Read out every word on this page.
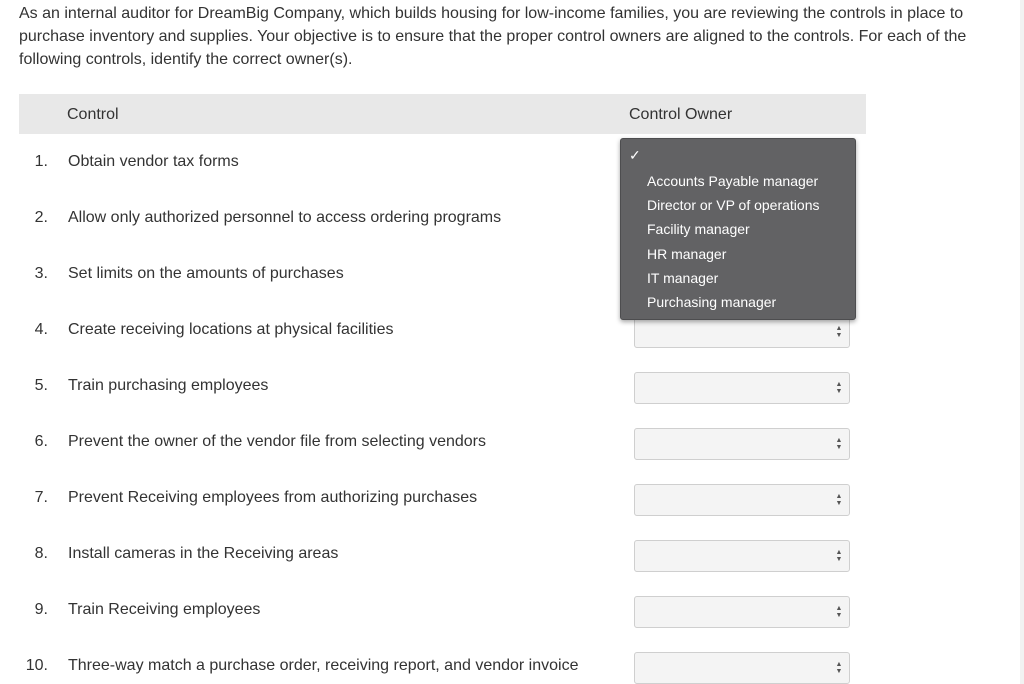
As an internal auditor for DreamBig Company, which builds housing for low-income families, you are reviewing the controls in place to purchase inventory and supplies. Your objective is to ensure that the proper control owners are aligned to the controls. For each of the following controls, identify the correct owner(s).

Control	Control Owner
1. Obtain vendor tax forms
2. Allow only authorized personnel to access ordering programs
3. Set limits on the amounts of purchases
4. Create receiving locations at physical facilities
5. Train purchasing employees
6. Prevent the owner of the vendor file from selecting vendors
7. Prevent Receiving employees from authorizing purchases
8. Install cameras in the Receiving areas
9. Train Receiving employees
10. Three-way match a purchase order, receiving report, and vendor invoice
▲
▼
▲
▼
▲
▼
▲
▼
▲
▼
▲
▼
▲
▼
✓
Accounts Payable manager
Director or VP of operations
Facility manager
HR manager
IT manager
Purchasing manager
